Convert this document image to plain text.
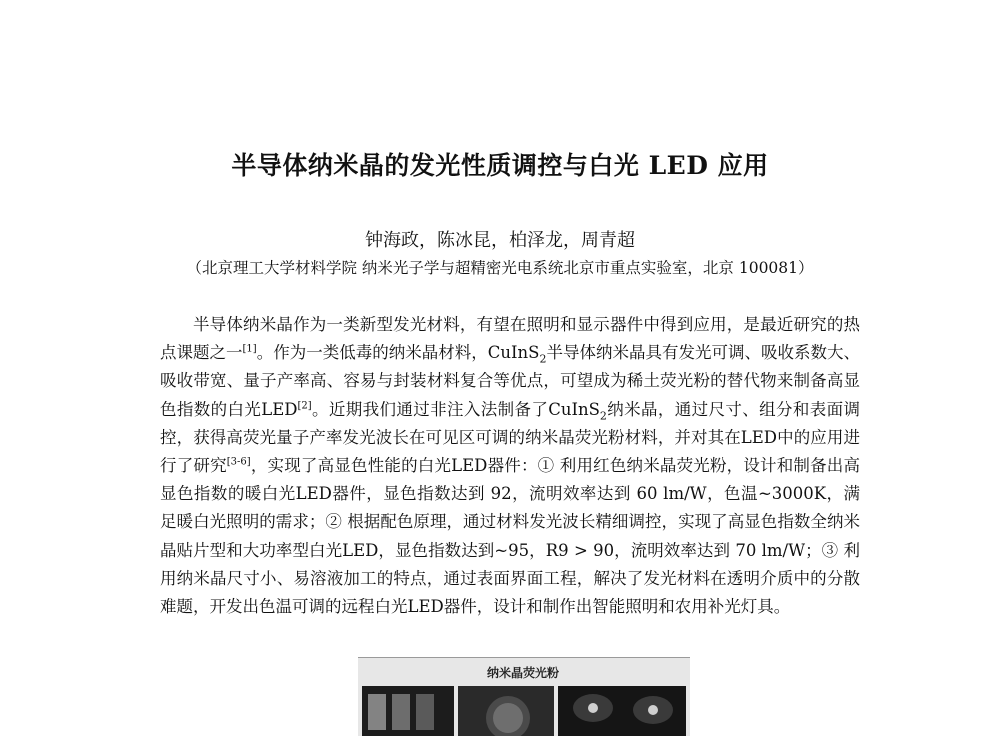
半导体纳米晶的发光性质调控与白光 LED 应用
钟海政，陈冰昆，柏泽龙，周青超
（北京理工大学材料学院 纳米光子学与超精密光电系统北京市重点实验室，北京 100081）

半导体纳米晶作为一类新型发光材料，有望在照明和显示器件中得到应用，是最近研究的热点课题之一[1]。作为一类低毒的纳米晶材料，CuInS$_2$半导体纳米晶具有发光可调、吸收系数大、吸收带宽、量子产率高、容易与封装材料复合等优点，可望成为稀土荧光粉的替代物来制备高显色指数的白光LED[2]。近期我们通过非注入法制备了CuInS$_2$纳米晶，通过尺寸、组分和表面调控，获得高荧光量子产率发光波长在可见区可调的纳米晶荧光粉材料，并对其在LED中的应用进行了研究[3-6]，实现了高显色性能的白光LED器件：① 利用红色纳米晶荧光粉，设计和制备出高显色指数的暖白光LED器件，显色指数达到 92，流明效率达到 60 lm/W，色温~3000K，满足暖白光照明的需求；② 根据配色原理，通过材料发光波长精细调控，实现了高显色指数全纳米晶贴片型和大功率型白光LED，显色指数达到~95，R9 > 90，流明效率达到 70 lm/W；③ 利用纳米晶尺寸小、易溶液加工的特点，通过表面界面工程，解决了发光材料在透明介质中的分散难题，开发出色温可调的远程白光LED器件，设计和制作出智能照明和农用补光灯具。

纳米晶荧光粉
